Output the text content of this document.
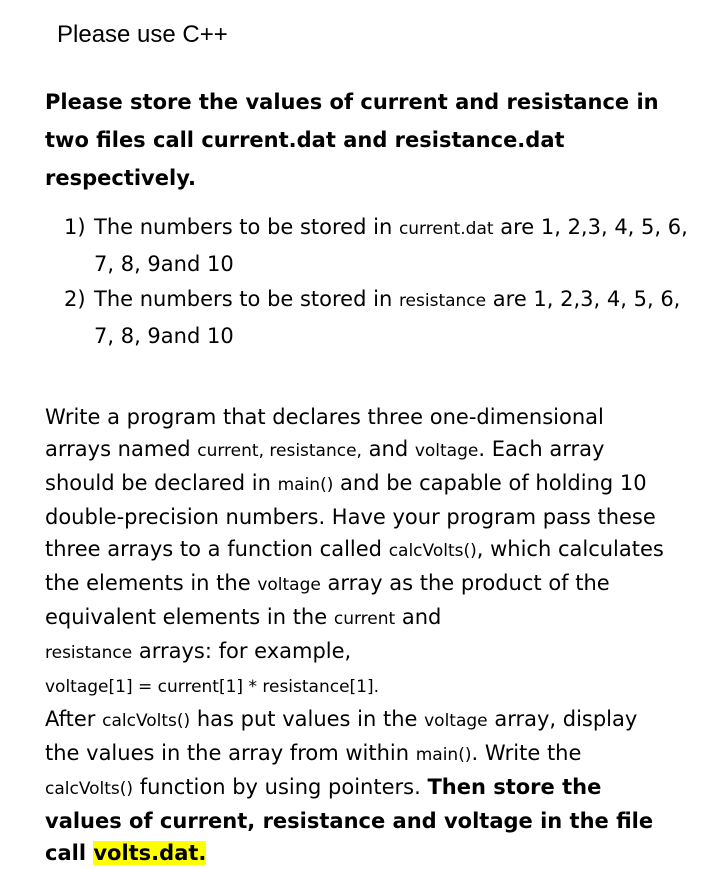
Please use C++
Please store the values of current and resistance in two files call current.dat and resistance.dat respectively.
1) The numbers to be stored in current.dat are 1, 2,3, 4, 5, 6, 7, 8, 9and 10
2) The numbers to be stored in resistance are 1, 2,3, 4, 5, 6, 7, 8, 9and 10
Write a program that declares three one-dimensional arrays named current, resistance, and voltage. Each array should be declared in main() and be capable of holding 10 double-precision numbers. Have your program pass these three arrays to a function called calcVolts(), which calculates the elements in the voltage array as the product of the equivalent elements in the current and
resistance arrays: for example,
voltage[1] = current[1] * resistance[1].
After calcVolts() has put values in the voltage array, display the values in the array from within main(). Write the calcVolts() function by using pointers. Then store the values of current, resistance and voltage in the file call volts.dat.
